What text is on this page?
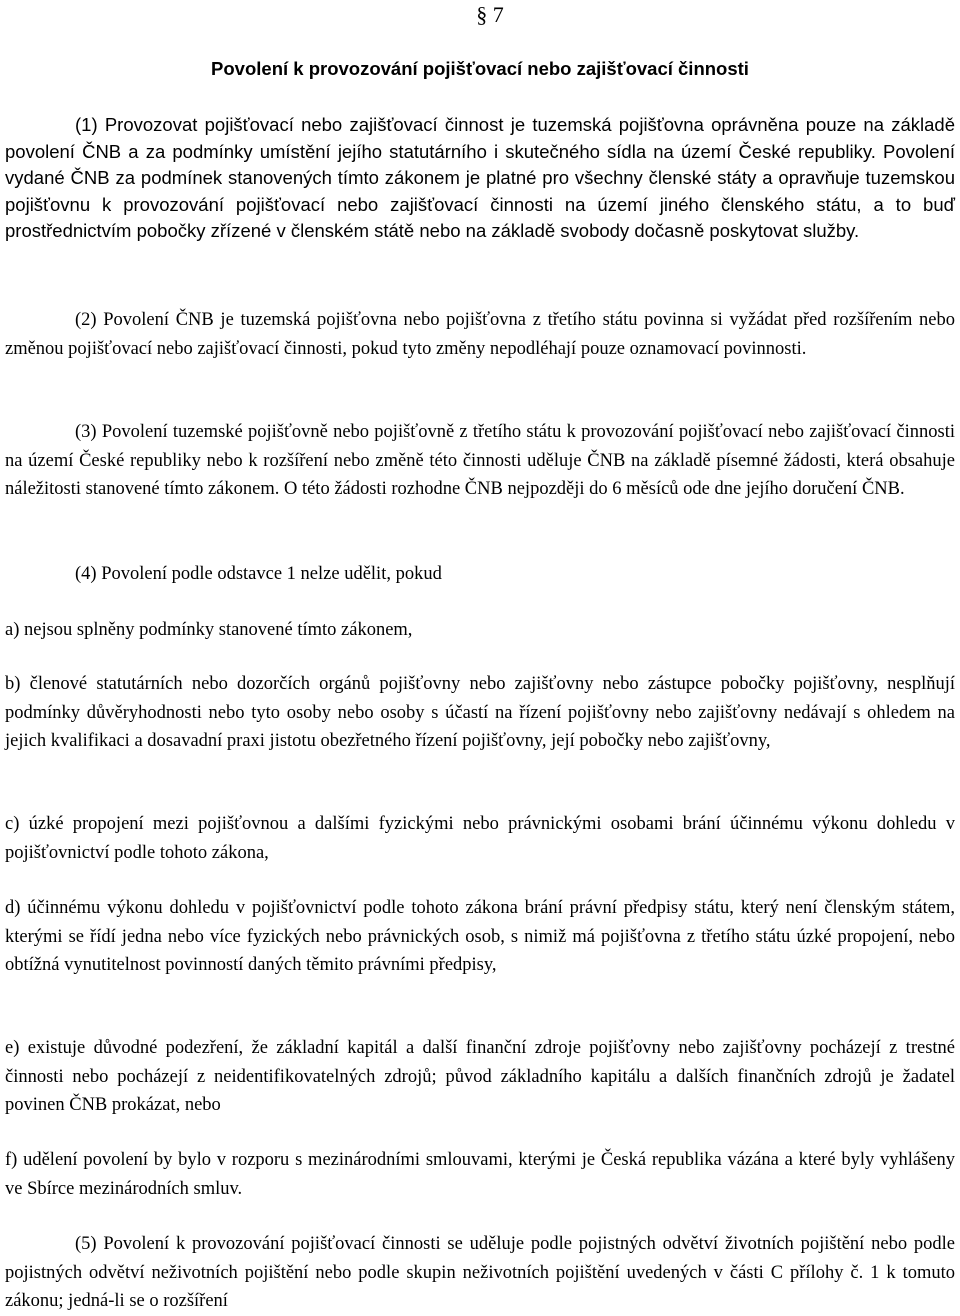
§ 7
Povolení k provozování pojišťovací nebo zajišťovací činnosti

(1) Provozovat pojišťovací nebo zajišťovací činnost je tuzemská pojišťovna oprávněna pouze na základě povolení ČNB a za podmínky umístění jejího statutárního i skutečného sídla na území České republiky. Povolení vydané ČNB za podmínek stanovených tímto zákonem je platné pro všechny členské státy a opravňuje tuzemskou pojišťovnu k provozování pojišťovací nebo zajišťovací činnosti na území jiného členského státu, a to buď prostřednictvím pobočky zřízené v členském státě nebo na základě svobody dočasně poskytovat služby.

(2) Povolení ČNB je tuzemská pojišťovna nebo pojišťovna z třetího státu povinna si vyžádat před rozšířením nebo změnou pojišťovací nebo zajišťovací činnosti, pokud tyto změny nepodléhají pouze oznamovací povinnosti.

(3) Povolení tuzemské pojišťovně nebo pojišťovně z třetího státu k provozování pojišťovací nebo zajišťovací činnosti na území České republiky nebo k rozšíření nebo změně této činnosti uděluje ČNB na základě písemné žádosti, která obsahuje náležitosti stanovené tímto zákonem. O této žádosti rozhodne ČNB nejpozději do 6 měsíců ode dne jejího doručení ČNB.

(4) Povolení podle odstavce 1 nelze udělit, pokud

a) nejsou splněny podmínky stanovené tímto zákonem,

b) členové statutárních nebo dozorčích orgánů pojišťovny nebo zajišťovny nebo zástupce pobočky pojišťovny, nesplňují podmínky důvěryhodnosti nebo tyto osoby nebo osoby s účastí na řízení pojišťovny nebo zajišťovny nedávají s ohledem na jejich kvalifikaci a dosavadní praxi jistotu obezřetného řízení pojišťovny, její pobočky nebo zajišťovny,

c) úzké propojení mezi pojišťovnou a dalšími fyzickými nebo právnickými osobami brání účinnému výkonu dohledu v pojišťovnictví podle tohoto zákona,

d) účinnému výkonu dohledu v pojišťovnictví podle tohoto zákona brání právní předpisy státu, který není členským státem, kterými se řídí jedna nebo více fyzických nebo právnických osob, s nimiž má pojišťovna z třetího státu úzké propojení, nebo obtížná vynutitelnost povinností daných těmito právními předpisy,

e) existuje důvodné podezření, že základní kapitál a další finanční zdroje pojišťovny nebo zajišťovny pocházejí z trestné činnosti nebo pocházejí z neidentifikovatelných zdrojů; původ základního kapitálu a dalších finančních zdrojů je žadatel povinen ČNB prokázat, nebo

f) udělení povolení by bylo v rozporu s mezinárodními smlouvami, kterými je Česká republika vázána a které byly vyhlášeny ve Sbírce mezinárodních smluv.

(5) Povolení k provozování pojišťovací činnosti se uděluje podle pojistných odvětví životních pojištění nebo podle pojistných odvětví neživotních pojištění nebo podle skupin neživotních pojištění uvedených v části C přílohy č. 1 k tomuto zákonu; jedná-li se o rozšíření
